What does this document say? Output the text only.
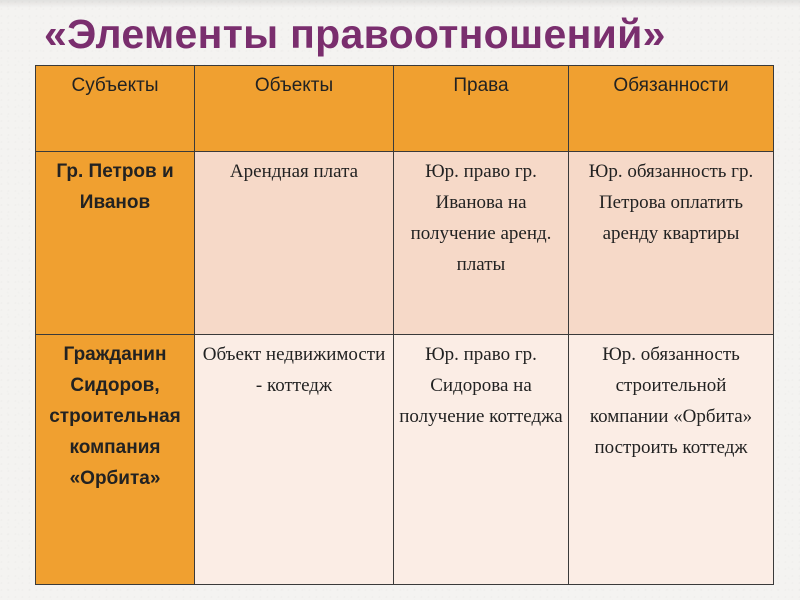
«Элементы правоотношений»
Субъекты	Объекты	Права	Обязанности
Гр. Петров и Иванов	Арендная плата	Юр. право гр. Иванова на получение аренд. платы	Юр. обязанность гр. Петрова оплатить аренду квартиры
Гражданин Сидоров, строительная компания «Орбита»	Объект недвижимости - коттедж	Юр. право гр. Сидорова на получение коттеджа	Юр. обязанность строительной компании «Орбита» построить коттедж
